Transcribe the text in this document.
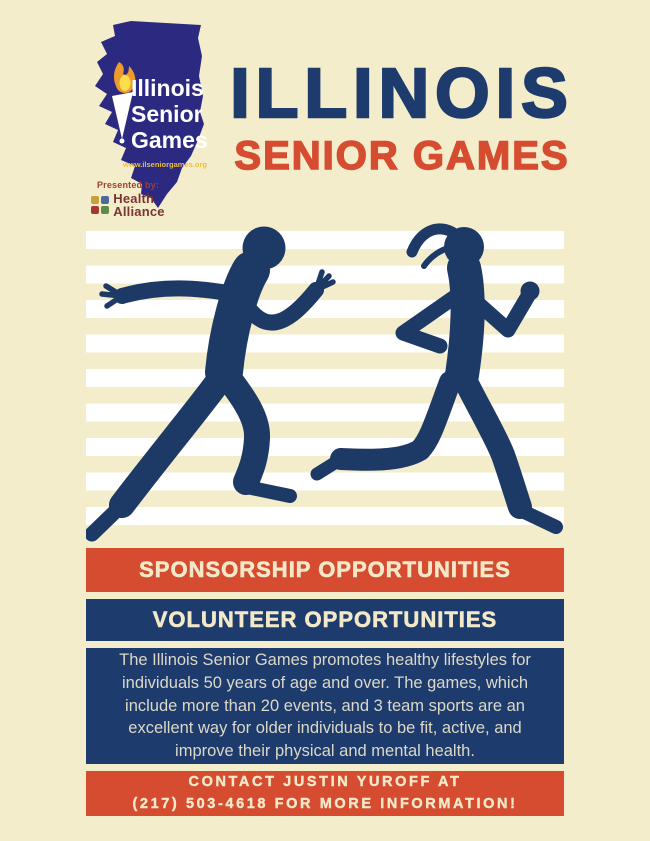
Illinois
Senior
Games
www.ilseniorgames.org
Presented by:
Health
Alliance
ILLINOIS
SENIOR GAMES
SPONSORSHIP OPPORTUNITIES
VOLUNTEER OPPORTUNITIES

The Illinois Senior Games promotes healthy lifestyles for individuals 50 years of age and over. The games, which include more than 20 events, and 3 team sports are an excellent way for older individuals to be fit, active, and improve their physical and mental health.

CONTACT JUSTIN YUROFF AT
(217) 503-4618 FOR MORE INFORMATION!
